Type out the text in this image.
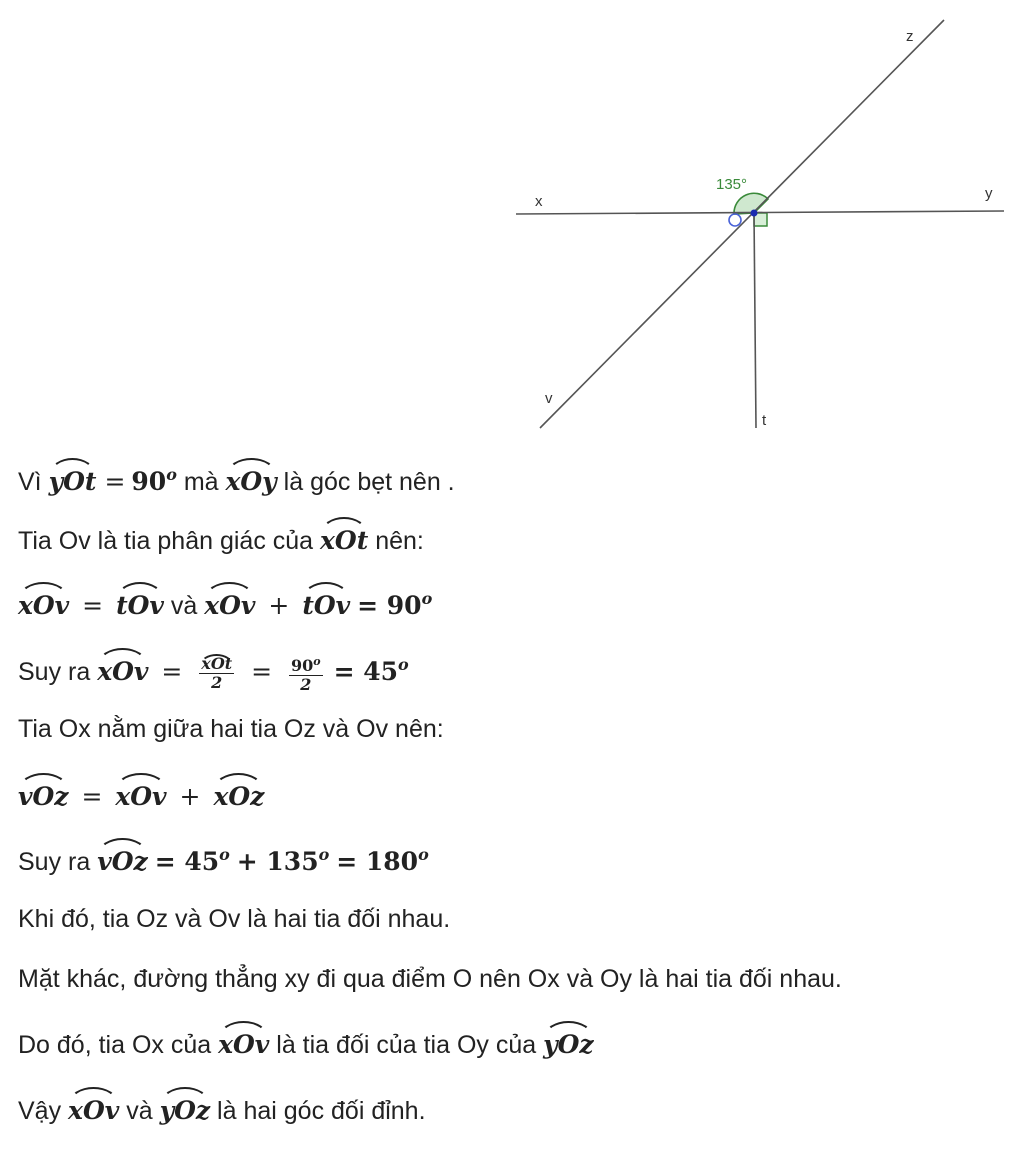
135°
x	y
z
v
t
Vì yOt = $90^o$ mà xOy là góc bẹt nên .
Tia Ov là tia phân giác của xOt nên:
xOv = tOv và xOv + tOv = 90o
Suy ra xOv = $\frac{\text{xOt}}{2} = \frac{90^o}{2} = 45o$
Tia Ox nằm giữa hai tia Oz và Ov nên:
vOz = xOv + xOz
Suy ra vOz = 45o + 135o = 180o
Khi đó, tia Oz và Ov là hai tia đối nhau.
Mặt khác, đường thẳng xy đi qua điểm O nên Ox và Oy là hai tia đối nhau.
Do đó, tia Ox của xOv là tia đối của tia Oy của yOz
Vậy xOv và yOz là hai góc đối đỉnh.
